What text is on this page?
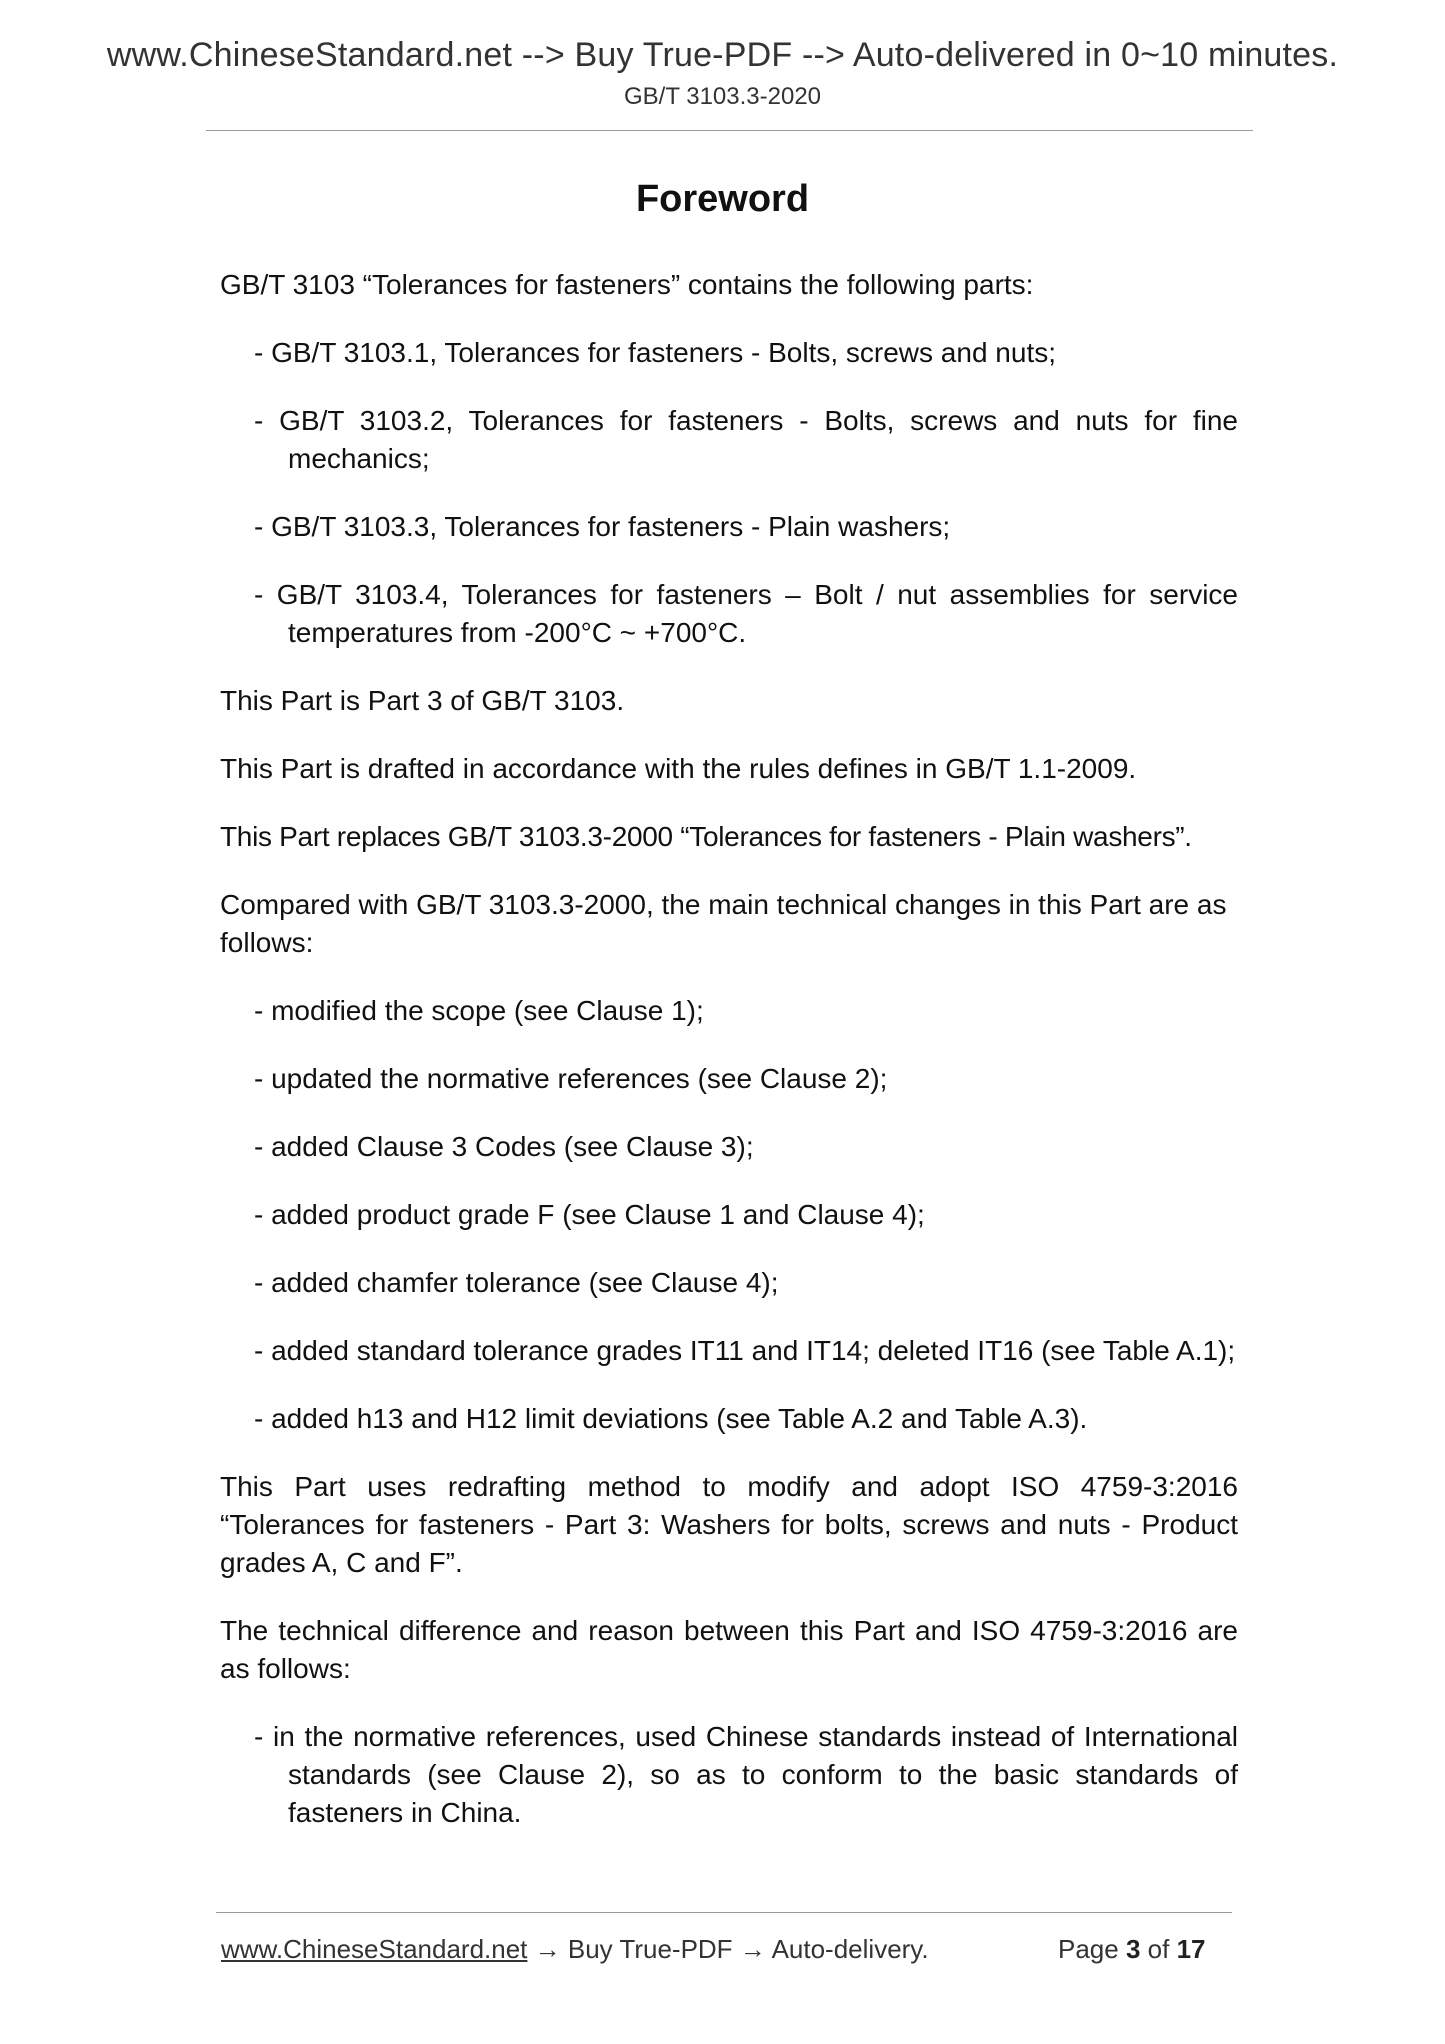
www.ChineseStandard.net --> Buy True-PDF --> Auto-delivered in 0~10 minutes.
GB/T 3103.3-2020
Foreword

GB/T 3103 “Tolerances for fasteners” contains the following parts:

- GB/T 3103.1, Tolerances for fasteners - Bolts, screws and nuts;

- GB/T 3103.2, Tolerances for fasteners - Bolts, screws and nuts for fine mechanics;

- GB/T 3103.3, Tolerances for fasteners - Plain washers;

- GB/T 3103.4, Tolerances for fasteners – Bolt / nut assemblies for service temperatures from -200°C ~ +700°C.

This Part is Part 3 of GB/T 3103.

This Part is drafted in accordance with the rules defines in GB/T 1.1-2009.

This Part replaces GB/T 3103.3-2000 “Tolerances for fasteners - Plain washers”.

Compared with GB/T 3103.3-2000, the main technical changes in this Part are as follows:

- modified the scope (see Clause 1);

- updated the normative references (see Clause 2);

- added Clause 3 Codes (see Clause 3);

- added product grade F (see Clause 1 and Clause 4);

- added chamfer tolerance (see Clause 4);

- added standard tolerance grades IT11 and IT14; deleted IT16 (see Table A.1);

- added h13 and H12 limit deviations (see Table A.2 and Table A.3).

This Part uses redrafting method to modify and adopt ISO 4759-3:2016 “Tolerances for fasteners - Part 3: Washers for bolts, screws and nuts - Product grades A, C and F”.

The technical difference and reason between this Part and ISO 4759-3:2016 are as follows:

- in the normative references, used Chinese standards instead of International standards (see Clause 2), so as to conform to the basic standards of fasteners in China.

www.ChineseStandard.net → Buy True-PDF → Auto-delivery.	Page 3 of 17
